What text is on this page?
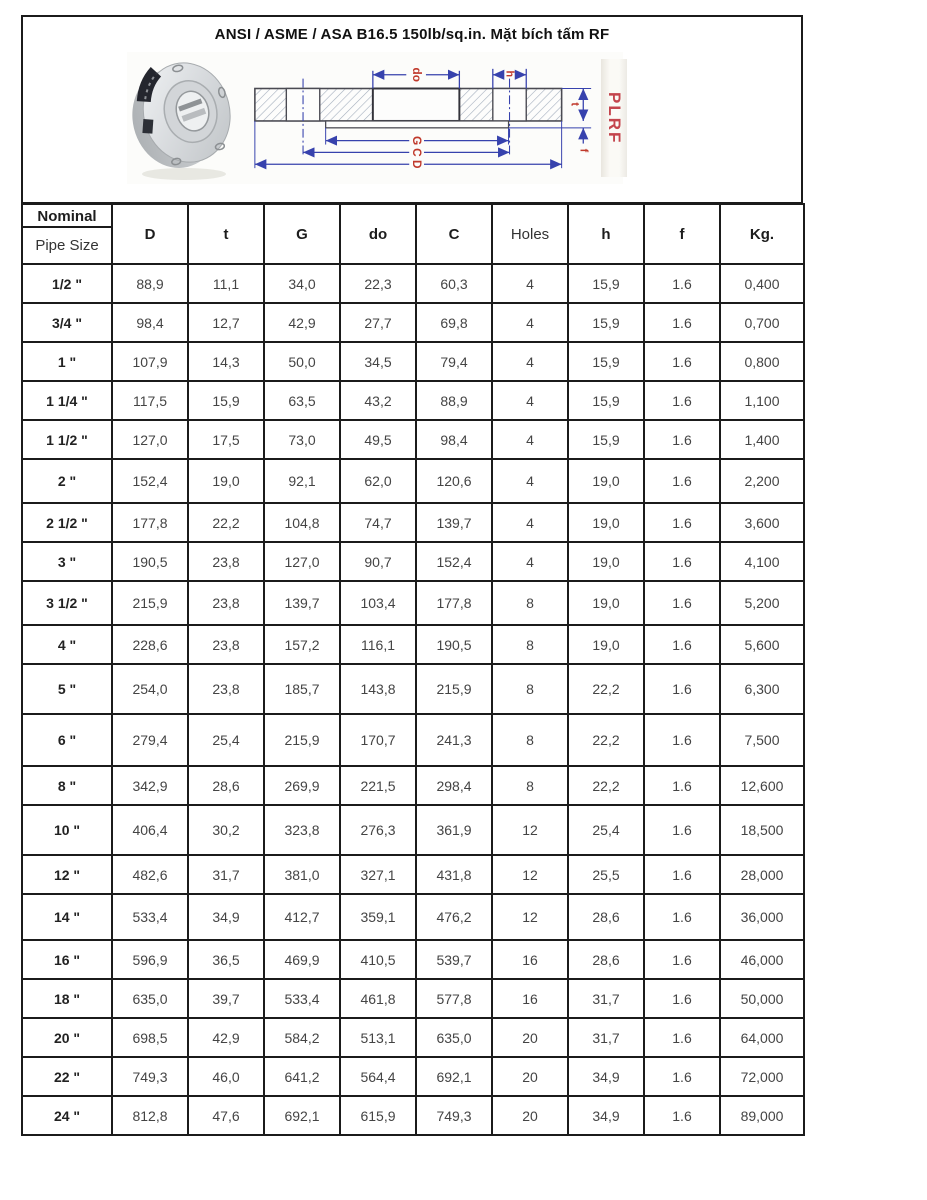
ANSI / ASME / ASA B16.5 150lb/sq.in. Mặt bích tấm RF
do	h
t
f
G
C
D
PLRF
Nominal
Pipe Size	D	t	G	do	C	Holes	h	f	Kg.
1/2 "	88,9	11,1	34,0	22,3	60,3	4	15,9	1.6	0,400
3/4 "	98,4	12,7	42,9	27,7	69,8	4	15,9	1.6	0,700
1 "	107,9	14,3	50,0	34,5	79,4	4	15,9	1.6	0,800
1 1/4 "	117,5	15,9	63,5	43,2	88,9	4	15,9	1.6	1,100
1 1/2 "	127,0	17,5	73,0	49,5	98,4	4	15,9	1.6	1,400
2 "	152,4	19,0	92,1	62,0	120,6	4	19,0	1.6	2,200
2 1/2 "	177,8	22,2	104,8	74,7	139,7	4	19,0	1.6	3,600
3 "	190,5	23,8	127,0	90,7	152,4	4	19,0	1.6	4,100
3 1/2 "	215,9	23,8	139,7	103,4	177,8	8	19,0	1.6	5,200
4 "	228,6	23,8	157,2	116,1	190,5	8	19,0	1.6	5,600
5 "	254,0	23,8	185,7	143,8	215,9	8	22,2	1.6	6,300
6 "	279,4	25,4	215,9	170,7	241,3	8	22,2	1.6	7,500
8 "	342,9	28,6	269,9	221,5	298,4	8	22,2	1.6	12,600
10 "	406,4	30,2	323,8	276,3	361,9	12	25,4	1.6	18,500
12 "	482,6	31,7	381,0	327,1	431,8	12	25,5	1.6	28,000
14 "	533,4	34,9	412,7	359,1	476,2	12	28,6	1.6	36,000
16 "	596,9	36,5	469,9	410,5	539,7	16	28,6	1.6	46,000
18 "	635,0	39,7	533,4	461,8	577,8	16	31,7	1.6	50,000
20 "	698,5	42,9	584,2	513,1	635,0	20	31,7	1.6	64,000
22 "	749,3	46,0	641,2	564,4	692,1	20	34,9	1.6	72,000
24 "	812,8	47,6	692,1	615,9	749,3	20	34,9	1.6	89,000
